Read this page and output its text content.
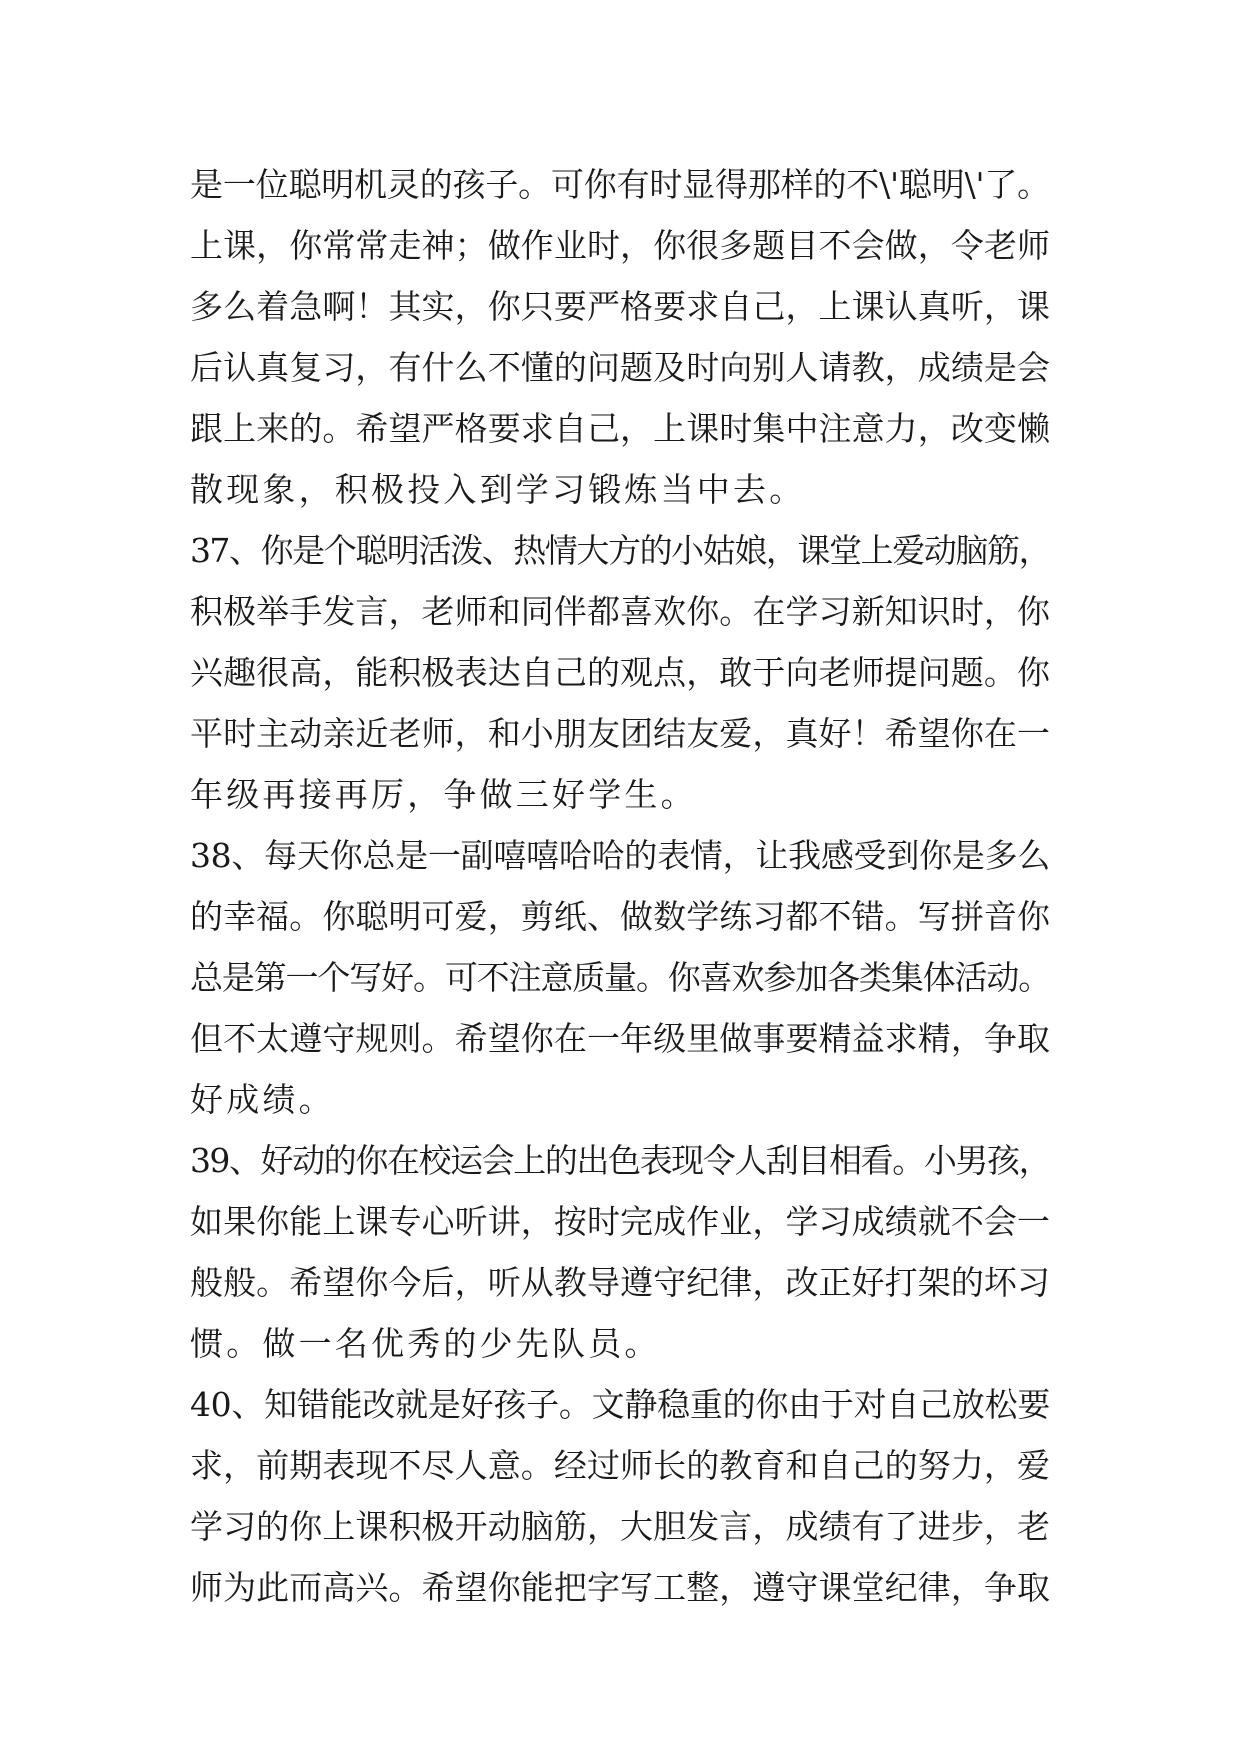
是一位聪明机灵的孩子。可你有时显得那样的不\'聪明\'了。
上课，你常常走神；做作业时，你很多题目不会做，令老师
多么着急啊！其实，你只要严格要求自己，上课认真听，课
后认真复习，有什么不懂的问题及时向别人请教，成绩是会
跟上来的。希望严格要求自己，上课时集中注意力，改变懒
散现象，积极投入到学习锻炼当中去。
37、你是个聪明活泼、热情大方的小姑娘，课堂上爱动脑筋，
积极举手发言，老师和同伴都喜欢你。在学习新知识时，你
兴趣很高，能积极表达自己的观点，敢于向老师提问题。你
平时主动亲近老师，和小朋友团结友爱，真好！希望你在一
年级再接再厉，争做三好学生。
38、每天你总是一副嘻嘻哈哈的表情，让我感受到你是多么
的幸福。你聪明可爱，剪纸、做数学练习都不错。写拼音你
总是第一个写好。可不注意质量。你喜欢参加各类集体活动。
但不太遵守规则。希望你在一年级里做事要精益求精，争取
好成绩。
39、好动的你在校运会上的出色表现令人刮目相看。小男孩，
如果你能上课专心听讲，按时完成作业，学习成绩就不会一
般般。希望你今后，听从教导遵守纪律，改正好打架的坏习
惯。做一名优秀的少先队员。
40、知错能改就是好孩子。文静稳重的你由于对自己放松要
求，前期表现不尽人意。经过师长的教育和自己的努力，爱
学习的你上课积极开动脑筋，大胆发言，成绩有了进步，老
师为此而高兴。希望你能把字写工整，遵守课堂纪律，争取
